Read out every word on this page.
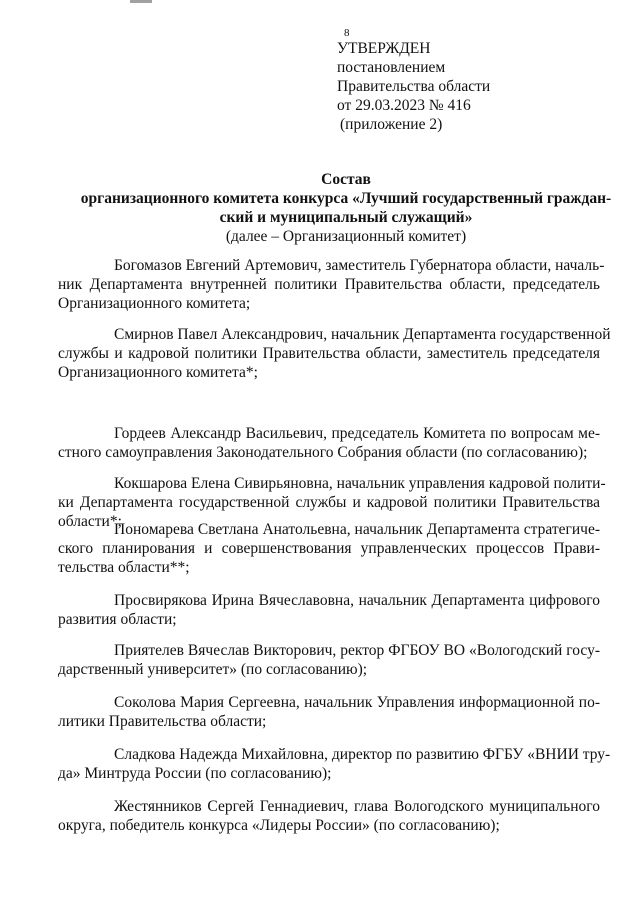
8
УТВЕРЖДЕН
постановлением
Правительства области
от 29.03.2023 № 416
(приложение 2)
Состав
организационного комитета конкурса «Лучший государственный граждан-
ский и муниципальный служащий»
(далее – Организационный комитет)
Богомазов Евгений Артемович, заместитель Губернатора области, началь-
ник Департамента внутренней политики Правительства области, председатель
Организационного комитета;
Смирнов Павел Александрович, начальник Департамента государственной
службы и кадровой политики Правительства области, заместитель председателя
Организационного комитета*;
Гордеев Александр Васильевич, председатель Комитета по вопросам ме-
стного самоуправления Законодательного Собрания области (по согласованию);
Кокшарова Елена Сивирьяновна, начальник управления кадровой полити-
ки Департамента государственной службы и кадровой политики Правительства
области*;
Пономарева Светлана Анатольевна, начальник Департамента стратегиче-
ского планирования и совершенствования управленческих процессов Прави-
тельства области**;
Просвирякова Ирина Вячеславовна, начальник Департамента цифрового
развития области;
Приятелев Вячеслав Викторович, ректор ФГБОУ ВО «Вологодский госу-
дарственный университет» (по согласованию);
Соколова Мария Сергеевна, начальник Управления информационной по-
литики Правительства области;
Сладкова Надежда Михайловна, директор по развитию ФГБУ «ВНИИ тру-
да» Минтруда России (по согласованию);
Жестянников Сергей Геннадиевич, глава Вологодского муниципального
округа, победитель конкурса «Лидеры России» (по согласованию);
